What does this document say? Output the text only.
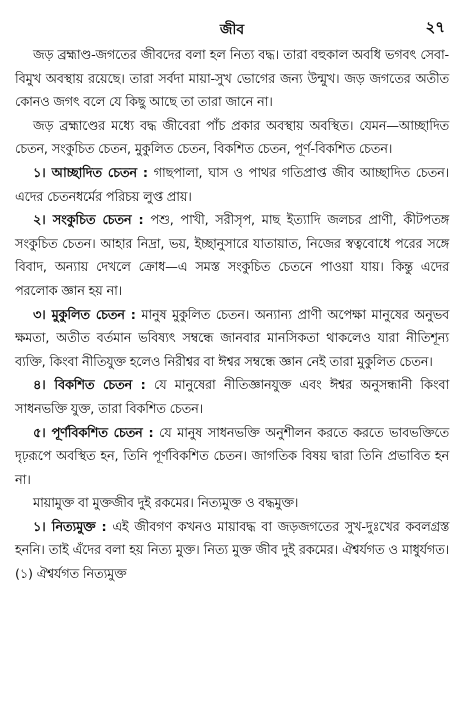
জীব	২৭

জড় ব্রহ্মাণ্ড-জগতের জীবদের বলা হল নিত্য বদ্ধ। তারা বহুকাল অবধি ভগবৎ সেবা-বিমুখ অবস্থায় রয়েছে। তারা সর্বদা মায়া-সুখ ভোগের জন্য উন্মুখ। জড় জগতের অতীত কোনও জগৎ বলে যে কিছু আছে তা তারা জানে না।

জড় ব্রহ্মাণ্ডের মধ্যে বদ্ধ জীবেরা পাঁচ প্রকার অবস্থায় অবস্থিত। যেমন—আচ্ছাদিত চেতন, সংকুচিত চেতন, মুকুলিত চেতন, বিকশিত চেতন, পূর্ণ-বিকশিত চেতন।

১। আচ্ছাদিত চেতন : গাছপালা, ঘাস ও পাথর গতিপ্রাপ্ত জীব আচ্ছাদিত চেতন। এদের চেতনধর্মের পরিচয় লুপ্ত প্রায়।

২। সংকুচিত চেতন : পশু, পাখী, সরীসৃপ, মাছ ইত্যাদি জলচর প্রাণী, কীটপতঙ্গ সংকুচিত চেতন। আহার নিদ্রা, ভয়, ইচ্ছানুসারে যাতায়াত, নিজের স্বত্ববোধে পরের সঙ্গে বিবাদ, অন্যায় দেখলে ক্রোধ—এ সমস্ত সংকুচিত চেতনে পাওয়া যায়। কিন্তু এদের পরলোক জ্ঞান হয় না।

৩। মুকুলিত চেতন : মানুষ মুকুলিত চেতন। অন্যান্য প্রাণী অপেক্ষা মানুষের অনুভব ক্ষমতা, অতীত বর্তমান ভবিষ্যৎ সম্বন্ধে জানবার মানসিকতা থাকলেও যারা নীতিশূন্য ব্যক্তি, কিংবা নীতিযুক্ত হলেও নিরীশ্বর বা ঈশ্বর সম্বন্ধে জ্ঞান নেই তারা মুকুলিত চেতন।

৪। বিকশিত চেতন : যে মানুষেরা নীতিজ্ঞানযুক্ত এবং ঈশ্বর অনুসন্ধানী কিংবা সাধনভক্তি যুক্ত, তারা বিকশিত চেতন।

৫। পূর্ণবিকশিত চেতন : যে মানুষ সাধনভক্তি অনুশীলন করতে করতে ভাবভক্তিতে দৃঢ়রূপে অবস্থিত হন, তিনি পূর্ণবিকশিত চেতন। জাগতিক বিষয় দ্বারা তিনি প্রভাবিত হন না।

মায়ামুক্ত বা মুক্তজীব দুই রকমের। নিত্যমুক্ত ও বদ্ধমুক্ত।

১। নিত্যমুক্ত : এই জীবগণ কখনও মায়াবদ্ধ বা জড়জগতের সুখ-দুঃখের কবলগ্রস্ত হননি। তাই এঁদের বলা হয় নিত্য মুক্ত। নিত্য মুক্ত জীব দুই রকমের। ঐশ্বর্যগত ও মাধুর্যগত। (১) ঐশ্বর্যগত নিত্যমুক্ত
